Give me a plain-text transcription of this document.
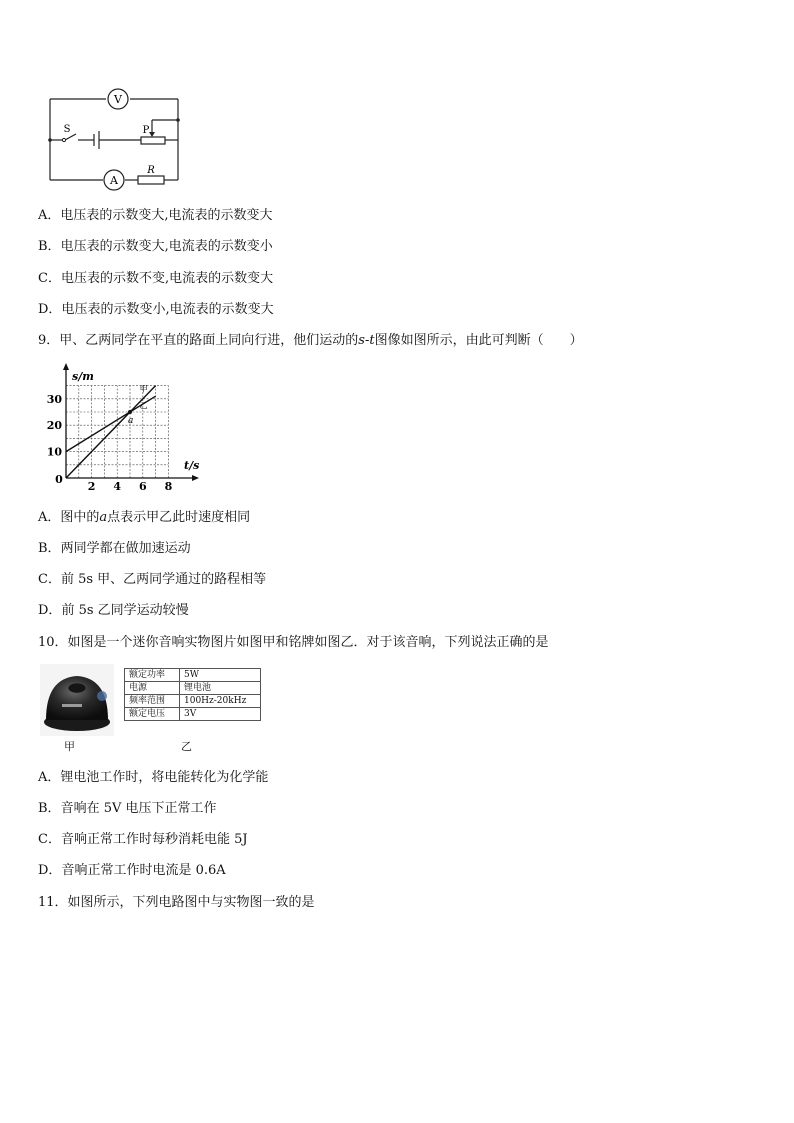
V
A
S	P
R
A．电压表的示数变大,电流表的示数变大
B．电压表的示数变大,电流表的示数变小
C．电压表的示数不变,电流表的示数变大
D．电压表的示数变小,电流表的示数变大
9．甲、乙两同学在平直的路面上同向行进，他们运动的s-t图像如图所示，由此可判断（　　）
甲
乙
a
2 4 6 8
10
20
30
s/m
t/s
0
A．图中的a点表示甲乙此时速度相同
B．两同学都在做加速运动
C．前 5s 甲、乙两同学通过的路程相等
D．前 5s 乙同学运动较慢
10．如图是一个迷你音响实物图片如图甲和铭牌如图乙．对于该音响，下列说法正确的是
额定功率	5W
电源	锂电池
频率范围	100Hz-20kHz
额定电压	3V
甲	乙
A．锂电池工作时，将电能转化为化学能
B．音响在 5V 电压下正常工作
C．音响正常工作时每秒消耗电能 5J
D．音响正常工作时电流是 0.6A
11．如图所示，下列电路图中与实物图一致的是
